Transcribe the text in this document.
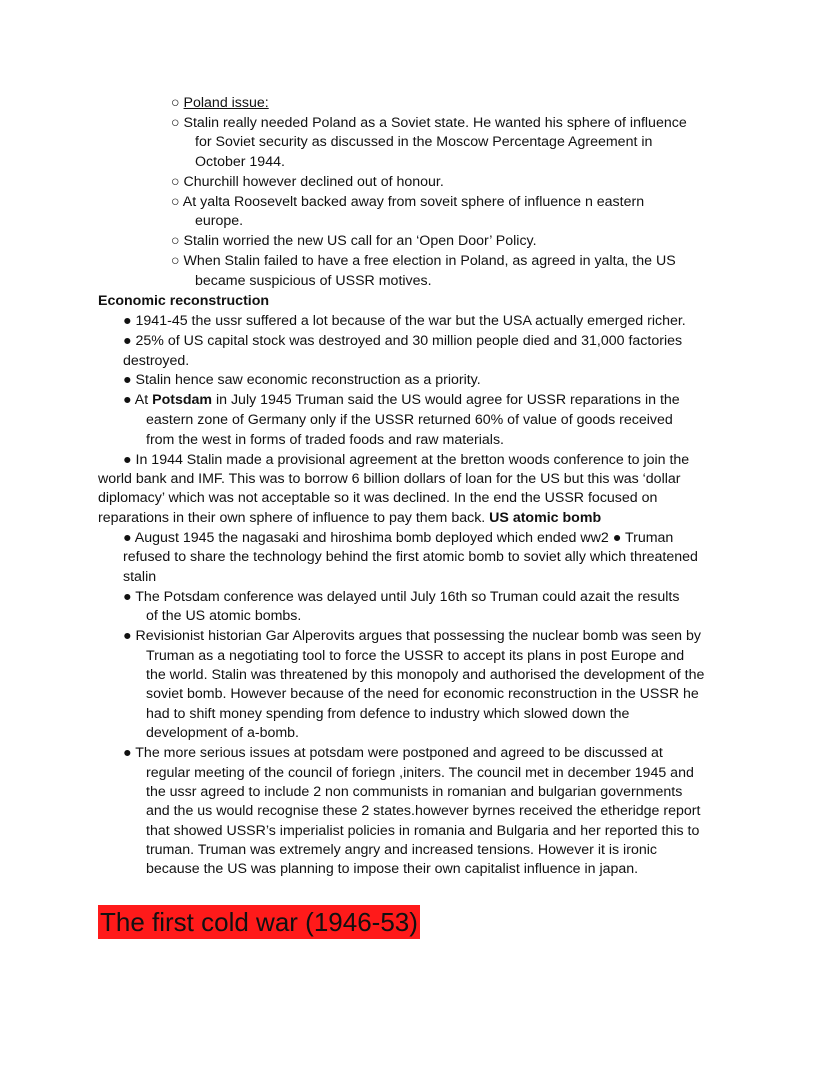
○ Poland issue:
○ Stalin really needed Poland as a Soviet state. He wanted his sphere of influence
for Soviet security as discussed in the Moscow Percentage Agreement in
October 1944.
○ Churchill however declined out of honour.
○ At yalta Roosevelt backed away from soveit sphere of influence n eastern
europe.
○ Stalin worried the new US call for an ‘Open Door’ Policy.
○ When Stalin failed to have a free election in Poland, as agreed in yalta, the US
became suspicious of USSR motives.
Economic reconstruction
● 1941-45 the ussr suffered a lot because of the war but the USA actually emerged richer.
● 25% of US capital stock was destroyed and 30 million people died and 31,000 factories
destroyed.
● Stalin hence saw economic reconstruction as a priority.
● At Potsdam in July 1945 Truman said the US would agree for USSR reparations in the
eastern zone of Germany only if the USSR returned 60% of value of goods received
from the west in forms of traded foods and raw materials.
● In 1944 Stalin made a provisional agreement at the bretton woods conference to join the
world bank and IMF. This was to borrow 6 billion dollars of loan for the US but this was ‘dollar
diplomacy’ which was not acceptable so it was declined. In the end the USSR focused on
reparations in their own sphere of influence to pay them back. US atomic bomb
● August 1945 the nagasaki and hiroshima bomb deployed which ended ww2 ● Truman
refused to share the technology behind the first atomic bomb to soviet ally which threatened
stalin
● The Potsdam conference was delayed until July 16th so Truman could azait the results
of the US atomic bombs.
● Revisionist historian Gar Alperovits argues that possessing the nuclear bomb was seen by
Truman as a negotiating tool to force the USSR to accept its plans in post Europe and
the world. Stalin was threatened by this monopoly and authorised the development of the
soviet bomb. However because of the need for economic reconstruction in the USSR he
had to shift money spending from defence to industry which slowed down the
development of a-bomb.
● The more serious issues at potsdam were postponed and agreed to be discussed at
regular meeting of the council of foriegn ,initers. The council met in december 1945 and
the ussr agreed to include 2 non communists in romanian and bulgarian governments
and the us would recognise these 2 states.however byrnes received the etheridge report
that showed USSR’s imperialist policies in romania and Bulgaria and her reported this to
truman. Truman was extremely angry and increased tensions. However it is ironic
because the US was planning to impose their own capitalist influence in japan.
The first cold war (1946-53)
